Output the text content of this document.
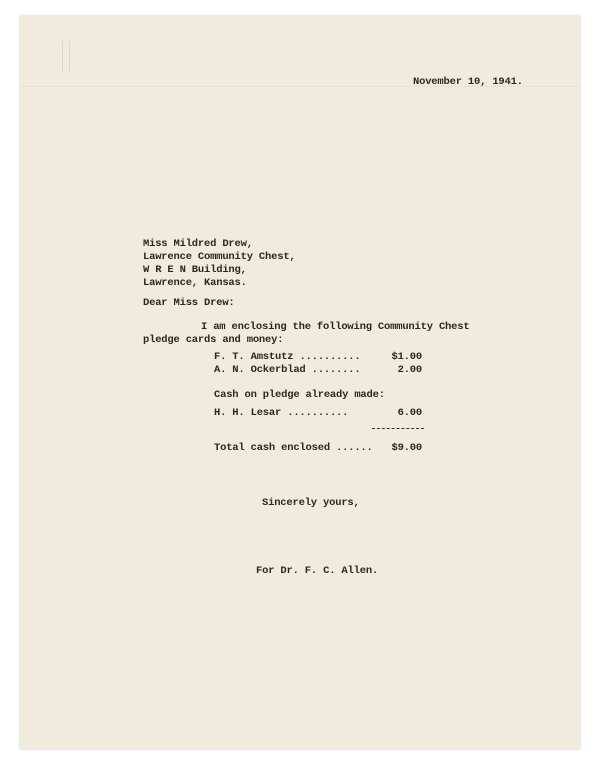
November 10, 1941.
Miss Mildred Drew,
Lawrence Community Chest,
W R E N Building,
Lawrence, Kansas.
Dear Miss Drew:
I am enclosing the following Community Chest
pledge cards and money:
F. T. Amstutz ..........	$1.00
A. N. Ockerblad ........	2.00
Cash on pledge already made:
H. H. Lesar ..........	6.00
Total cash enclosed ...... $9.00
Sincerely yours,
For Dr. F. C. Allen.
